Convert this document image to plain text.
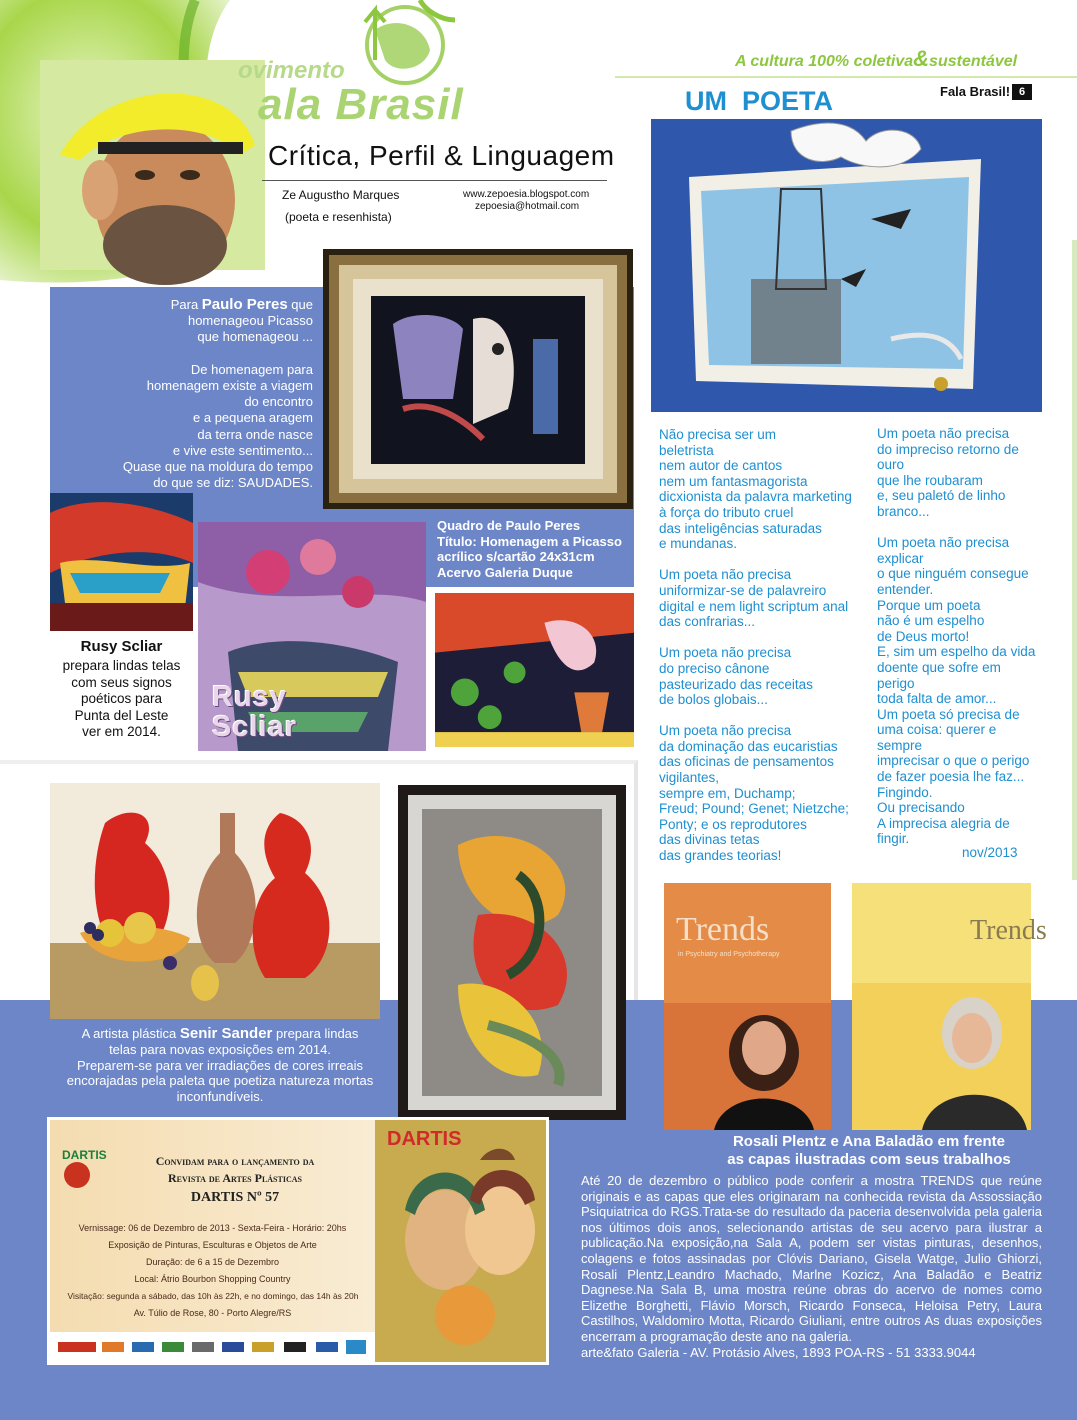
ovimento
ala Brasil
A cultura 100% coletiva&sustentável
Fala Brasil! 6
Crítica, Perfil & Linguagem
Ze Augustho Marques
(poeta e resenhista)
www.zepoesia.blogspot.com
zepoesia@hotmail.com
UM  POETA
Não precisa ser um
beletrista
nem autor de cantos
nem um fantasmagorista
dicxionista da palavra marketing
à força do tributo cruel
das inteligências saturadas
e mundanas.

Um poeta não precisa
uniformizar-se de palavreiro
digital e nem light scriptum anal
das confrarias...

Um poeta não precisa
do preciso cânone
pasteurizado das receitas
de bolos globais...

Um poeta não precisa
da dominação das eucaristias
das oficinas de pensamentos
vigilantes,
sempre em, Duchamp;
Freud; Pound; Genet; Nietzche;
Ponty; e os reprodutores
das divinas tetas
das grandes teorias!
Um poeta não precisa
do impreciso retorno de
ouro
que lhe roubaram
e, seu paletó de linho
branco...

Um poeta não precisa
explicar
o que ninguém consegue
entender.
Porque um poeta
não é um espelho
de Deus morto!
E, sim um espelho da vida
doente que sofre em
perigo
toda falta de amor...
Um poeta só precisa de
uma coisa: querer e
sempre
imprecisar o que o perigo
de fazer poesia lhe faz...
Fingindo.
Ou precisando
A imprecisa alegria de
fingir.
nov/2013
Para Paulo Peres que
homenageou Picasso
que homenageou ...

De homenagem para
homenagem existe a viagem
do encontro
e a pequena aragem
da terra onde nasce
e vive este sentimento...
Quase que na moldura do tempo
do que se diz: SAUDADES.
Quadro de Paulo Peres
Título: Homenagem a Picasso
acrílico s/cartão 24x31cm
Acervo Galeria Duque
Rusy Scliar
prepara lindas telas
com seus signos
poéticos para
Punta del Leste
ver em 2014.
Rusy
Scliar
A artista plástica Senir Sander prepara lindas
telas para novas exposições em 2014.
Preparem-se para ver irradiações de cores irreais
encorajadas pela paleta que poetiza natureza mortas
inconfundíveis.
Trends
in Psychiatry and Psychotherapy
Trends
Rosali Plentz e Ana Baladão em frente
as capas ilustradas com seus trabalhos
Até 20 de dezembro o público pode conferir a mostra TRENDS que reúne originais e as capas que eles originaram na conhecida revista da Assossiação Psiquiatrica do RGS.Trata-se do resultado da paceria desenvolvida pela galeria nos últimos dois anos, selecionando artistas de seu acervo para ilustrar a publicação.Na exposição,na Sala A, podem ser vistas pinturas, desenhos, colagens e fotos assinadas por Clóvis Dariano, Gisela Watge, Julio Ghiorzi, Rosali Plentz,Leandro Machado, Marlne Kozicz, Ana Baladão e Beatriz Dagnese.Na Sala B, uma mostra reúne obras do acervo de nomes como Elizethe Borghetti, Flávio Morsch, Ricardo Fonseca, Heloisa Petry, Laura Castilhos, Waldomiro Motta, Ricardo Giuliani, entre outros As duas exposições encerram a programação deste ano na galeria.
arte&fato Galeria - AV. Protásio Alves, 1893 POA-RS - 51 3333.9044
DARTIS	Convidam para o lançamento da
Revista de Artes Plásticas
DARTIS Nº 57
Vernissage: 06 de Dezembro de 2013 - Sexta-Feira - Horário: 20hs
Exposição de Pinturas, Esculturas e Objetos de Arte
Duração: de 6 a 15 de Dezembro
Local: Átrio Bourbon Shopping Country
Visitação: segunda a sábado, das 10h às 22h, e no domingo, das 14h às 20h
Av. Túlio de Rose, 80 - Porto Alegre/RS
DARTIS
